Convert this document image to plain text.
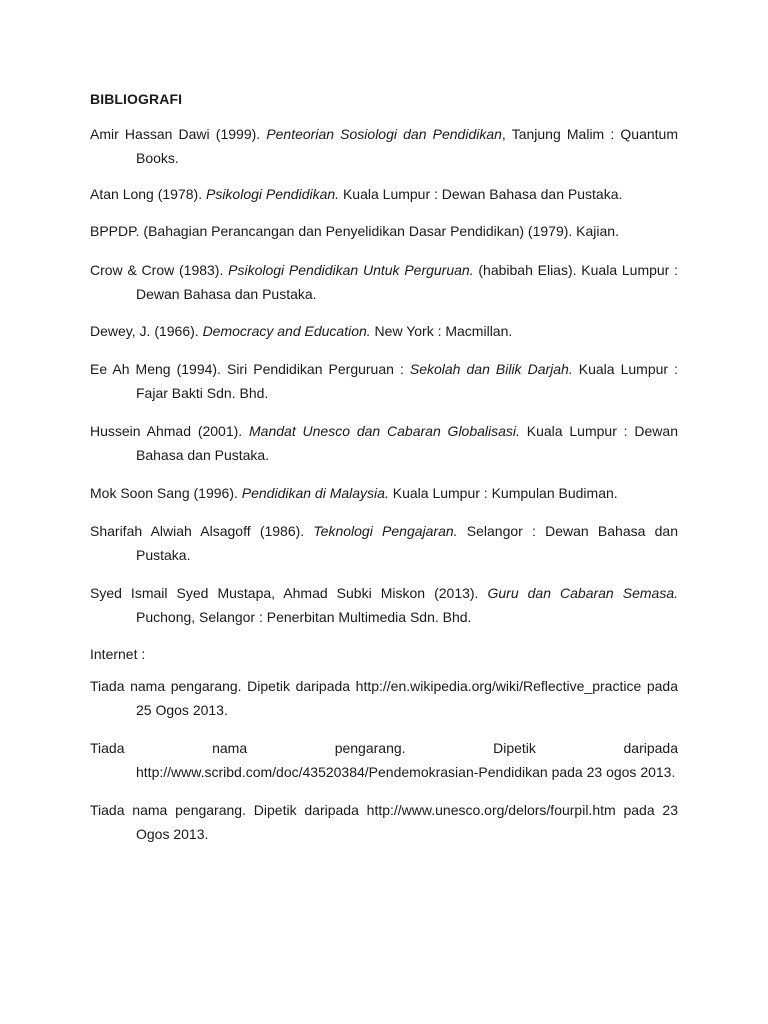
BIBLIOGRAFI
Amir Hassan Dawi (1999). Penteorian Sosiologi dan Pendidikan, Tanjung Malim : Quantum Books.
Atan Long (1978). Psikologi Pendidikan. Kuala Lumpur : Dewan Bahasa dan Pustaka.
BPPDP. (Bahagian Perancangan dan Penyelidikan Dasar Pendidikan) (1979). Kajian.
Crow & Crow (1983). Psikologi Pendidikan Untuk Perguruan. (habibah Elias). Kuala Lumpur : Dewan Bahasa dan Pustaka.
Dewey, J. (1966). Democracy and Education. New York : Macmillan.
Ee Ah Meng (1994). Siri Pendidikan Perguruan : Sekolah dan Bilik Darjah. Kuala Lumpur : Fajar Bakti Sdn. Bhd.
Hussein Ahmad (2001). Mandat Unesco dan Cabaran Globalisasi. Kuala Lumpur : Dewan Bahasa dan Pustaka.
Mok Soon Sang (1996). Pendidikan di Malaysia. Kuala Lumpur : Kumpulan Budiman.
Sharifah Alwiah Alsagoff (1986). Teknologi Pengajaran. Selangor : Dewan Bahasa dan Pustaka.
Syed Ismail Syed Mustapa, Ahmad Subki Miskon (2013). Guru dan Cabaran Semasa. Puchong, Selangor : Penerbitan Multimedia Sdn. Bhd.
Internet :
Tiada nama pengarang. Dipetik daripada http://en.wikipedia.org/wiki/Reflective_practice pada 25 Ogos 2013.
Tiada nama pengarang. Dipetik daripada http://www.scribd.com/doc/43520384/Pendemokrasian-Pendidikan pada 23 ogos 2013.
Tiada nama pengarang. Dipetik daripada http://www.unesco.org/delors/fourpil.htm pada 23 Ogos 2013.
